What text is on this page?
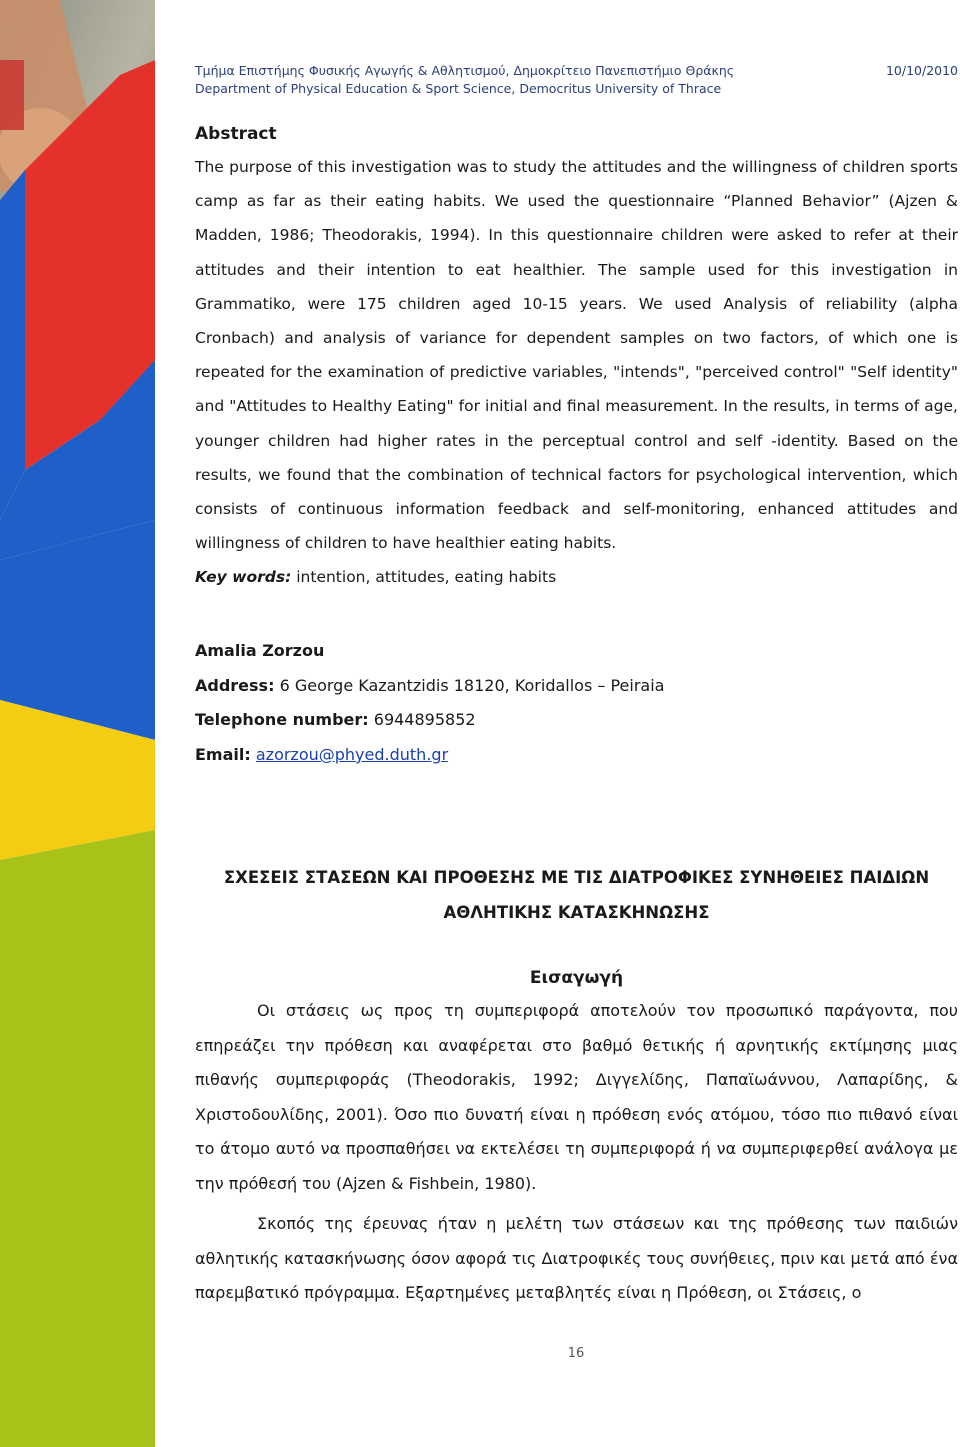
Τμήμα Επιστήμης Φυσικής Αγωγής & Αθλητισμού, Δημοκρίτειο Πανεπιστήμιο Θράκης
Department of Physical Education & Sport Science, Democritus University of Thrace
10/10/2010
Abstract

The purpose of this investigation was to study the attitudes and the willingness of children sports camp as far as their eating habits. We used the questionnaire “Planned Behavior” (Ajzen & Madden, 1986; Theodorakis, 1994). In this questionnaire children were asked to refer at their attitudes and their intention to eat healthier. The sample used for this investigation in Grammatiko, were 175 children aged 10-15 years. We used Analysis of reliability (alpha Cronbach) and analysis of variance for dependent samples on two factors, of which one is repeated for the examination of predictive variables, "intends", "perceived control" "Self identity" and "Attitudes to Healthy Eating" for initial and final measurement. In the results, in terms of age, younger children had higher rates in the perceptual control and self -identity. Based on the results, we found that the combination of technical factors for psychological intervention, which consists of continuous information feedback and self-monitoring, enhanced attitudes and willingness of children to have healthier eating habits.

Key words: intention, attitudes, eating habits

Amalia Zorzou
Address: 6 George Kazantzidis 18120, Koridallos – Peiraia
Telephone number: 6944895852
Email: azorzou@phyed.duth.gr
ΣΧΕΣΕΙΣ ΣΤΑΣΕΩΝ ΚΑΙ ΠΡΟΘΕΣΗΣ ΜΕ ΤΙΣ ΔΙΑΤΡΟΦΙΚΕΣ ΣΥΝΗΘΕΙΕΣ ΠΑΙΔΙΩΝ
ΑΘΛΗΤΙΚΗΣ ΚΑΤΑΣΚΗΝΩΣΗΣ
Εισαγωγή

Οι στάσεις ως προς τη συμπεριφορά αποτελούν τον προσωπικό παράγοντα, που επηρεάζει την πρόθεση και αναφέρεται στο βαθμό θετικής ή αρνητικής εκτίμησης μιας πιθανής συμπεριφοράς (Theodorakis, 1992; Διγγελίδης, Παπαϊωάννου, Λαπαρίδης, & Χριστοδουλίδης, 2001). Όσο πιο δυνατή είναι η πρόθεση ενός ατόμου, τόσο πιο πιθανό είναι το άτομο αυτό να προσπαθήσει να εκτελέσει τη συμπεριφορά ή να συμπεριφερθεί ανάλογα με την πρόθεσή του (Ajzen & Fishbein, 1980).

Σκοπός της έρευνας ήταν η μελέτη των στάσεων και της πρόθεσης των παιδιών αθλητικής κατασκήνωσης όσον αφορά τις Διατροφικές τους συνήθειες, πριν και μετά από ένα παρεμβατικό πρόγραμμα. Εξαρτημένες μεταβλητές είναι η Πρόθεση, οι Στάσεις, ο

16
